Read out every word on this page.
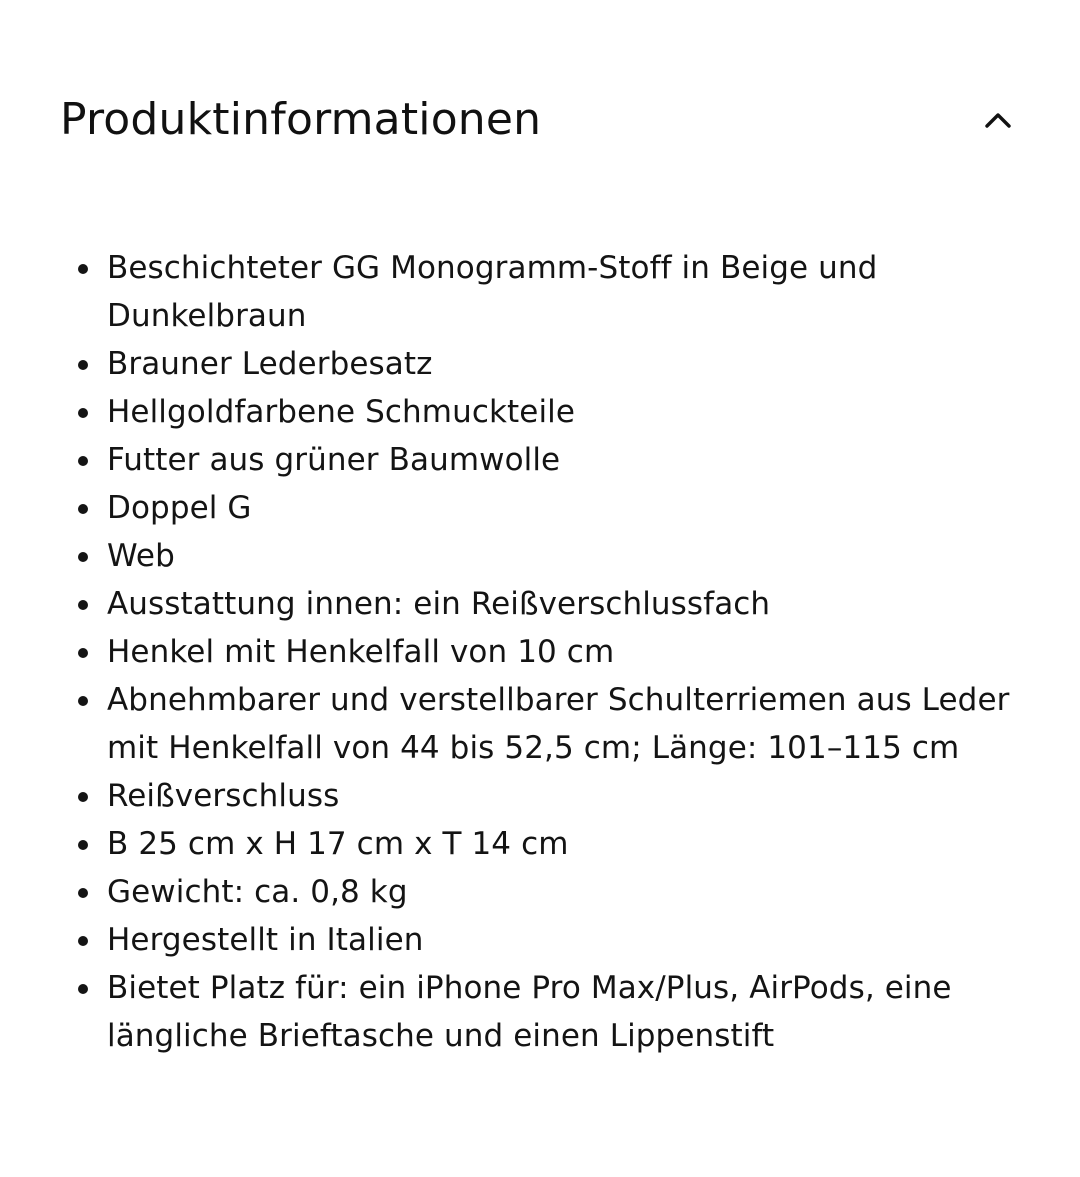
Produktinformationen
Beschichteter GG Monogramm-Stoff in Beige und Dunkelbraun
Brauner Lederbesatz
Hellgoldfarbene Schmuckteile
Futter aus grüner Baumwolle
Doppel G
Web
Ausstattung innen: ein Reißverschlussfach
Henkel mit Henkelfall von 10 cm
Abnehmbarer und verstellbarer Schulterriemen aus Leder mit Henkelfall von 44 bis 52,5 cm; Länge: 101–115 cm
Reißverschluss
B 25 cm x H 17 cm x T 14 cm
Gewicht: ca. 0,8 kg
Hergestellt in Italien
Bietet Platz für: ein iPhone Pro Max/Plus, AirPods, eine längliche Brieftasche und einen Lippenstift
